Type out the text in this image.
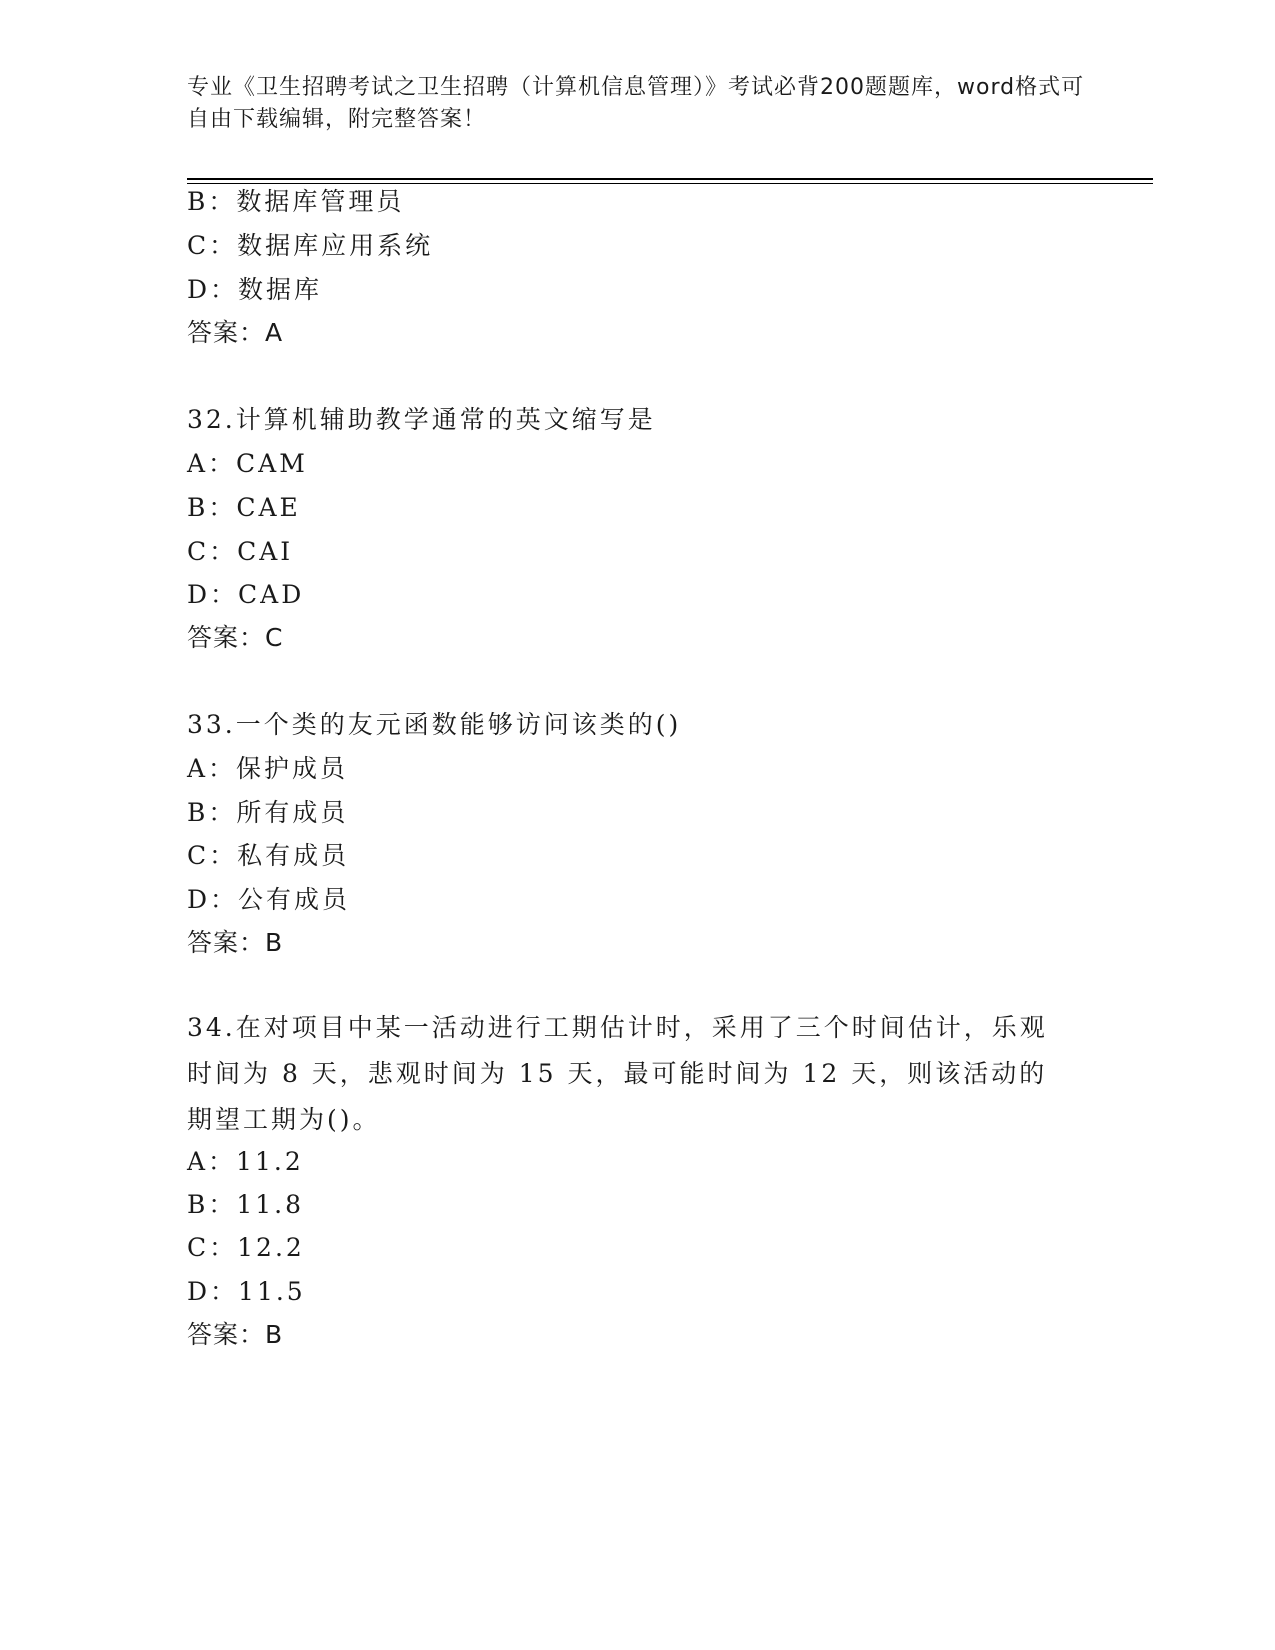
专业《卫生招聘考试之卫生招聘（计算机信息管理）》考试必背200题题库，word格式可自由下载编辑，附完整答案！
B：数据库管理员
C：数据库应用系统
D：数据库
答案：A
32.计算机辅助教学通常的英文缩写是
A：CAM
B：CAE
C：CAI
D：CAD
答案：C
33.一个类的友元函数能够访问该类的()
A：保护成员
B：所有成员
C：私有成员
D：公有成员
答案：B
34.在对项目中某一活动进行工期估计时，采用了三个时间估计，乐观时间为 8 天，悲观时间为 15 天，最可能时间为 12 天，则该活动的期望工期为()。
A：11.2
B：11.8
C：12.2
D：11.5
答案：B
